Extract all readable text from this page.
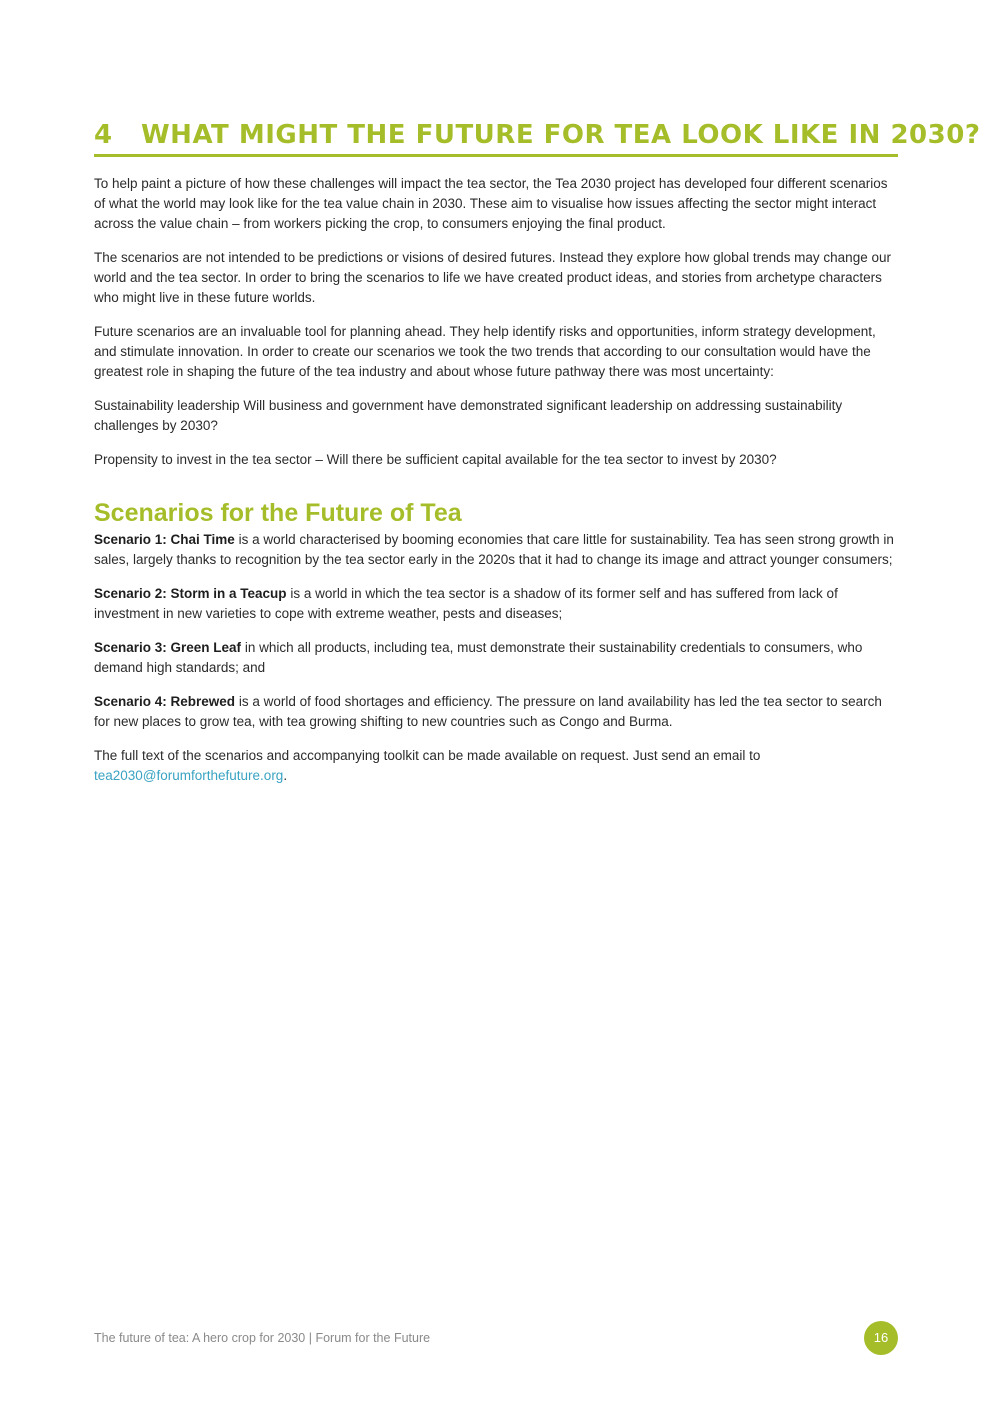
4 WHAT MIGHT THE FUTURE FOR TEA LOOK LIKE IN 2030?

To help paint a picture of how these challenges will impact the tea sector, the Tea 2030 project has developed four different scenarios of what the world may look like for the tea value chain in 2030. These aim to visualise how issues affecting the sector might interact across the value chain – from workers picking the crop, to consumers enjoying the final product.

The scenarios are not intended to be predictions or visions of desired futures. Instead they explore how global trends may change our world and the tea sector. In order to bring the scenarios to life we have created product ideas, and stories from archetype characters who might live in these future worlds.

Future scenarios are an invaluable tool for planning ahead. They help identify risks and opportunities, inform strategy development, and stimulate innovation. In order to create our scenarios we took the two trends that according to our consultation would have the greatest role in shaping the future of the tea industry and about whose future pathway there was most uncertainty:

Sustainability leadership Will business and government have demonstrated significant leadership on addressing sustainability challenges by 2030?

Propensity to invest in the tea sector – Will there be sufficient capital available for the tea sector to invest by 2030?

Scenarios for the Future of Tea

Scenario 1: Chai Time is a world characterised by booming economies that care little for sustainability. Tea has seen strong growth in sales, largely thanks to recognition by the tea sector early in the 2020s that it had to change its image and attract younger consumers;

Scenario 2: Storm in a Teacup is a world in which the tea sector is a shadow of its former self and has suffered from lack of investment in new varieties to cope with extreme weather, pests and diseases;

Scenario 3: Green Leaf in which all products, including tea, must demonstrate their sustainability credentials to consumers, who demand high standards; and

Scenario 4: Rebrewed is a world of food shortages and efficiency. The pressure on land availability has led the tea sector to search for new places to grow tea, with tea growing shifting to new countries such as Congo and Burma.

The full text of the scenarios and accompanying toolkit can be made available on request. Just send an email to tea2030@forumforthefuture.org.

The future of tea: A hero crop for 2030 | Forum for the Future	16
